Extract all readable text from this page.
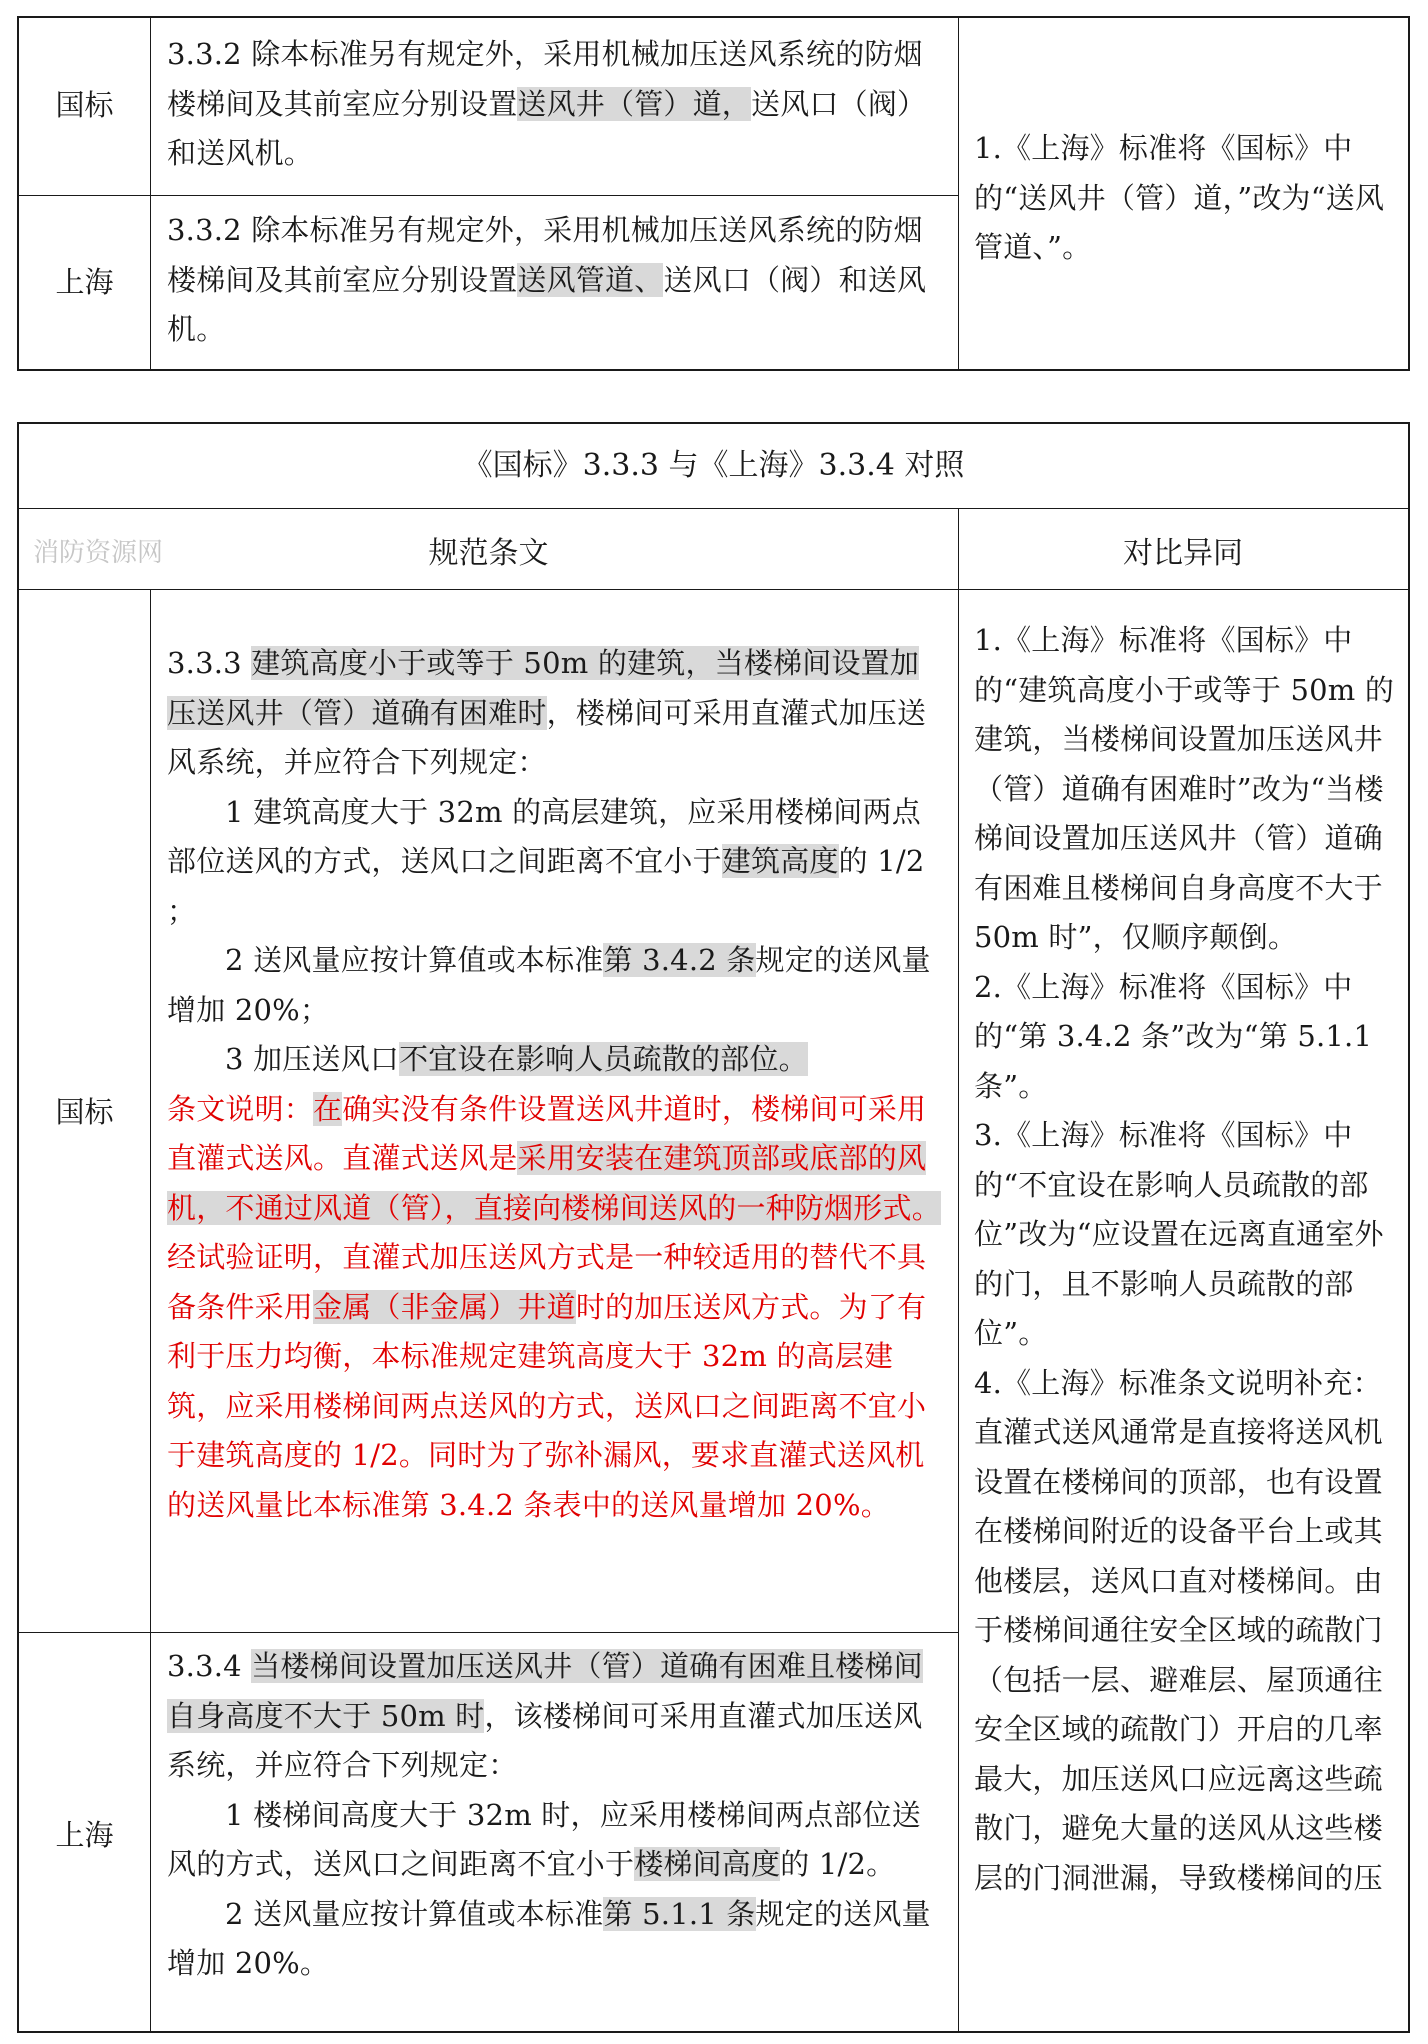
国标
3.3.2 除本标准另有规定外，采用机械加压送风系统的防烟楼梯间及其前室应分别设置送风井（管）道，送风口（阀）和送风机。
上海
3.3.2 除本标准另有规定外，采用机械加压送风系统的防烟楼梯间及其前室应分别设置送风管道、送风口（阀）和送风机。
1.《上海》标准将《国标》中的“送风井（管）道，”改为“送风管道、”。
《国标》3.3.3 与《上海》3.3.4 对照
消防资源网	规范条文	对比异同
国标
3.3.3 建筑高度小于或等于 50m 的建筑，当楼梯间设置加压送风井（管）道确有困难时，楼梯间可采用直灌式加压送风系统，并应符合下列规定：
1 建筑高度大于 32m 的高层建筑，应采用楼梯间两点部位送风的方式，送风口之间距离不宜小于建筑高度的 1/2 ；
2 送风量应按计算值或本标准第 3.4.2 条规定的送风量增加 20%；
3 加压送风口不宜设在影响人员疏散的部位。
条文说明：在确实没有条件设置送风井道时，楼梯间可采用直灌式送风。直灌式送风是采用安装在建筑顶部或底部的风机，不通过风道（管），直接向楼梯间送风的一种防烟形式。经试验证明，直灌式加压送风方式是一种较适用的替代不具备条件采用金属（非金属）井道时的加压送风方式。为了有利于压力均衡，本标准规定建筑高度大于 32m 的高层建筑，应采用楼梯间两点送风的方式，送风口之间距离不宜小于建筑高度的 1/2。同时为了弥补漏风，要求直灌式送风机的送风量比本标准第 3.4.2 条表中的送风量增加 20%。
上海
3.3.4 当楼梯间设置加压送风井（管）道确有困难且楼梯间自身高度不大于 50m 时，该楼梯间可采用直灌式加压送风系统，并应符合下列规定：
1 楼梯间高度大于 32m 时，应采用楼梯间两点部位送风的方式，送风口之间距离不宜小于楼梯间高度的 1/2。
2 送风量应按计算值或本标准第 5.1.1 条规定的送风量增加 20%。
1.《上海》标准将《国标》中的“建筑高度小于或等于 50m 的建筑，当楼梯间设置加压送风井（管）道确有困难时”改为“当楼梯间设置加压送风井（管）道确有困难且楼梯间自身高度不大于 50m 时”，仅顺序颠倒。
2.《上海》标准将《国标》中的“第 3.4.2 条”改为“第 5.1.1 条”。
3.《上海》标准将《国标》中的“不宜设在影响人员疏散的部位”改为“应设置在远离直通室外的门，且不影响人员疏散的部位”。
4.《上海》标准条文说明补充：直灌式送风通常是直接将送风机设置在楼梯间的顶部，也有设置在楼梯间附近的设备平台上或其他楼层，送风口直对楼梯间。由于楼梯间通往安全区域的疏散门（包括一层、避难层、屋顶通往安全区域的疏散门）开启的几率最大，加压送风口应远离这些疏散门，避免大量的送风从这些楼层的门洞泄漏，导致楼梯间的压
